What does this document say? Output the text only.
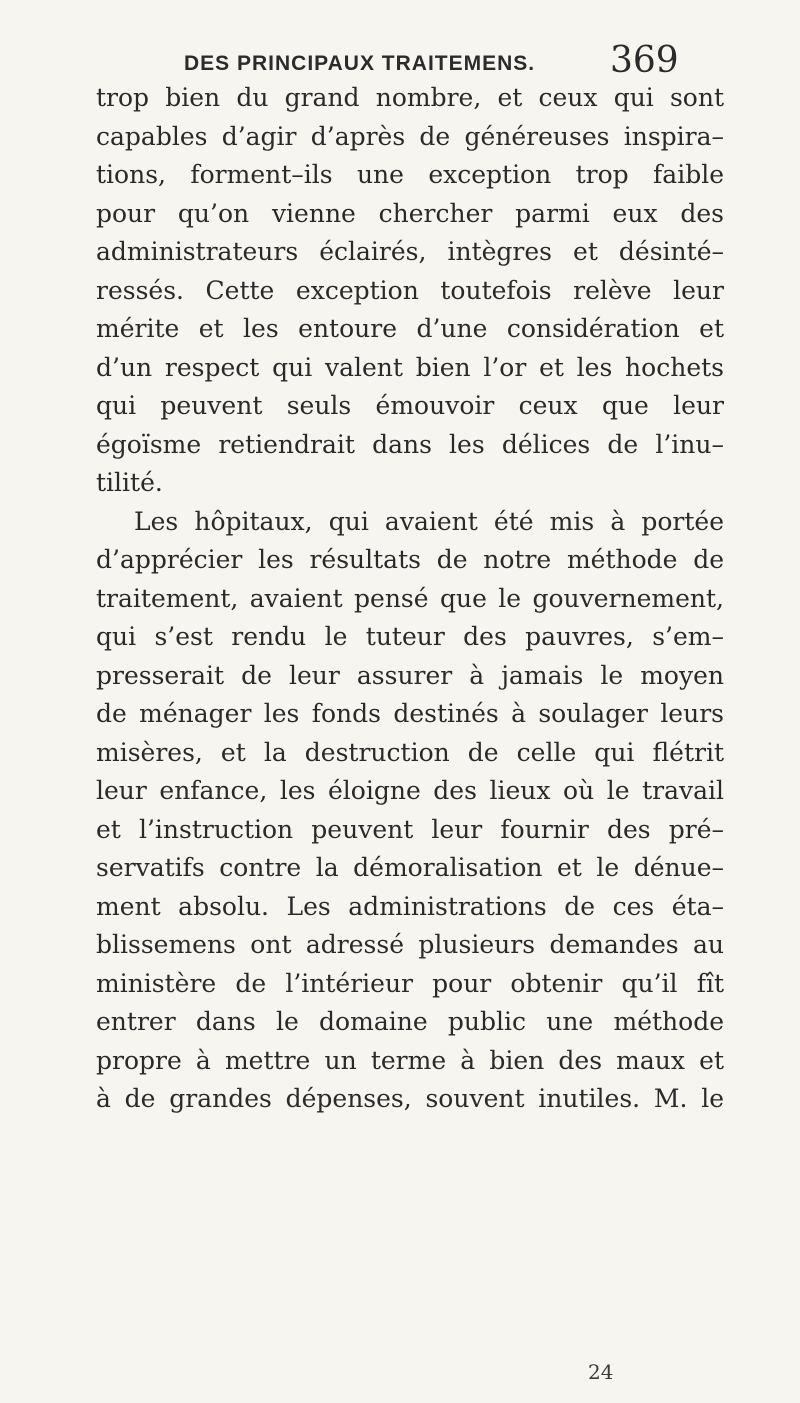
DES PRINCIPAUX TRAITEMENS.	369
trop bien du grand nombre, et ceux qui sont
capables d’agir d’après de généreuses inspira–
tions, forment–ils une exception trop faible
pour qu’on vienne chercher parmi eux des
administrateurs éclairés, intègres et désinté–
ressés. Cette exception toutefois relève leur
mérite et les entoure d’une considération et
d’un respect qui valent bien l’or et les hochets
qui peuvent seuls émouvoir ceux que leur
égoïsme retiendrait dans les délices de l’inu–
tilité.
Les hôpitaux, qui avaient été mis à portée
d’apprécier les résultats de notre méthode de
traitement, avaient pensé que le gouvernement,
qui s’est rendu le tuteur des pauvres, s’em–
presserait de leur assurer à jamais le moyen
de ménager les fonds destinés à soulager leurs
misères, et la destruction de celle qui flétrit
leur enfance, les éloigne des lieux où le travail
et l’instruction peuvent leur fournir des pré–
servatifs contre la démoralisation et le dénue–
ment absolu. Les administrations de ces éta–
blissemens ont adressé plusieurs demandes au
ministère de l’intérieur pour obtenir qu’il fît
entrer dans le domaine public une méthode
propre à mettre un terme à bien des maux et
à de grandes dépenses, souvent inutiles. M. le
24
